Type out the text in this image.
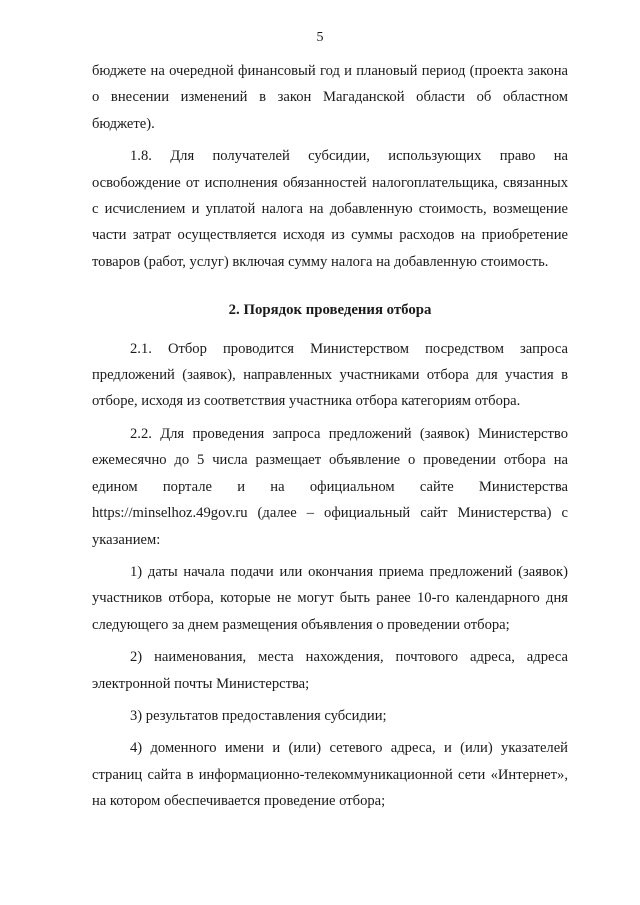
5

бюджете на очередной финансовый год и плановый период (проекта закона о внесении изменений в закон Магаданской области об областном бюджете).

1.8. Для получателей субсидии, использующих право на освобождение от исполнения обязанностей налогоплательщика, связанных с исчислением и уплатой налога на добавленную стоимость, возмещение части затрат осуществляется исходя из суммы расходов на приобретение товаров (работ, услуг) включая сумму налога на добавленную стоимость.

2. Порядок проведения отбора

2.1. Отбор проводится Министерством посредством запроса предложений (заявок), направленных участниками отбора для участия в отборе, исходя из соответствия участника отбора категориям отбора.

2.2. Для проведения запроса предложений (заявок) Министерство ежемесячно до 5 числа размещает объявление о проведении отбора на едином портале и на официальном сайте Министерства https://minselhoz.49gov.ru (далее – официальный сайт Министерства) с указанием:

1) даты начала подачи или окончания приема предложений (заявок) участников отбора, которые не могут быть ранее 10-го календарного дня следующего за днем размещения объявления о проведении отбора;

2) наименования, места нахождения, почтового адреса, адреса электронной почты Министерства;

3) результатов предоставления субсидии;

4) доменного имени и (или) сетевого адреса, и (или) указателей страниц сайта в информационно-телекоммуникационной сети «Интернет», на котором обеспечивается проведение отбора;
